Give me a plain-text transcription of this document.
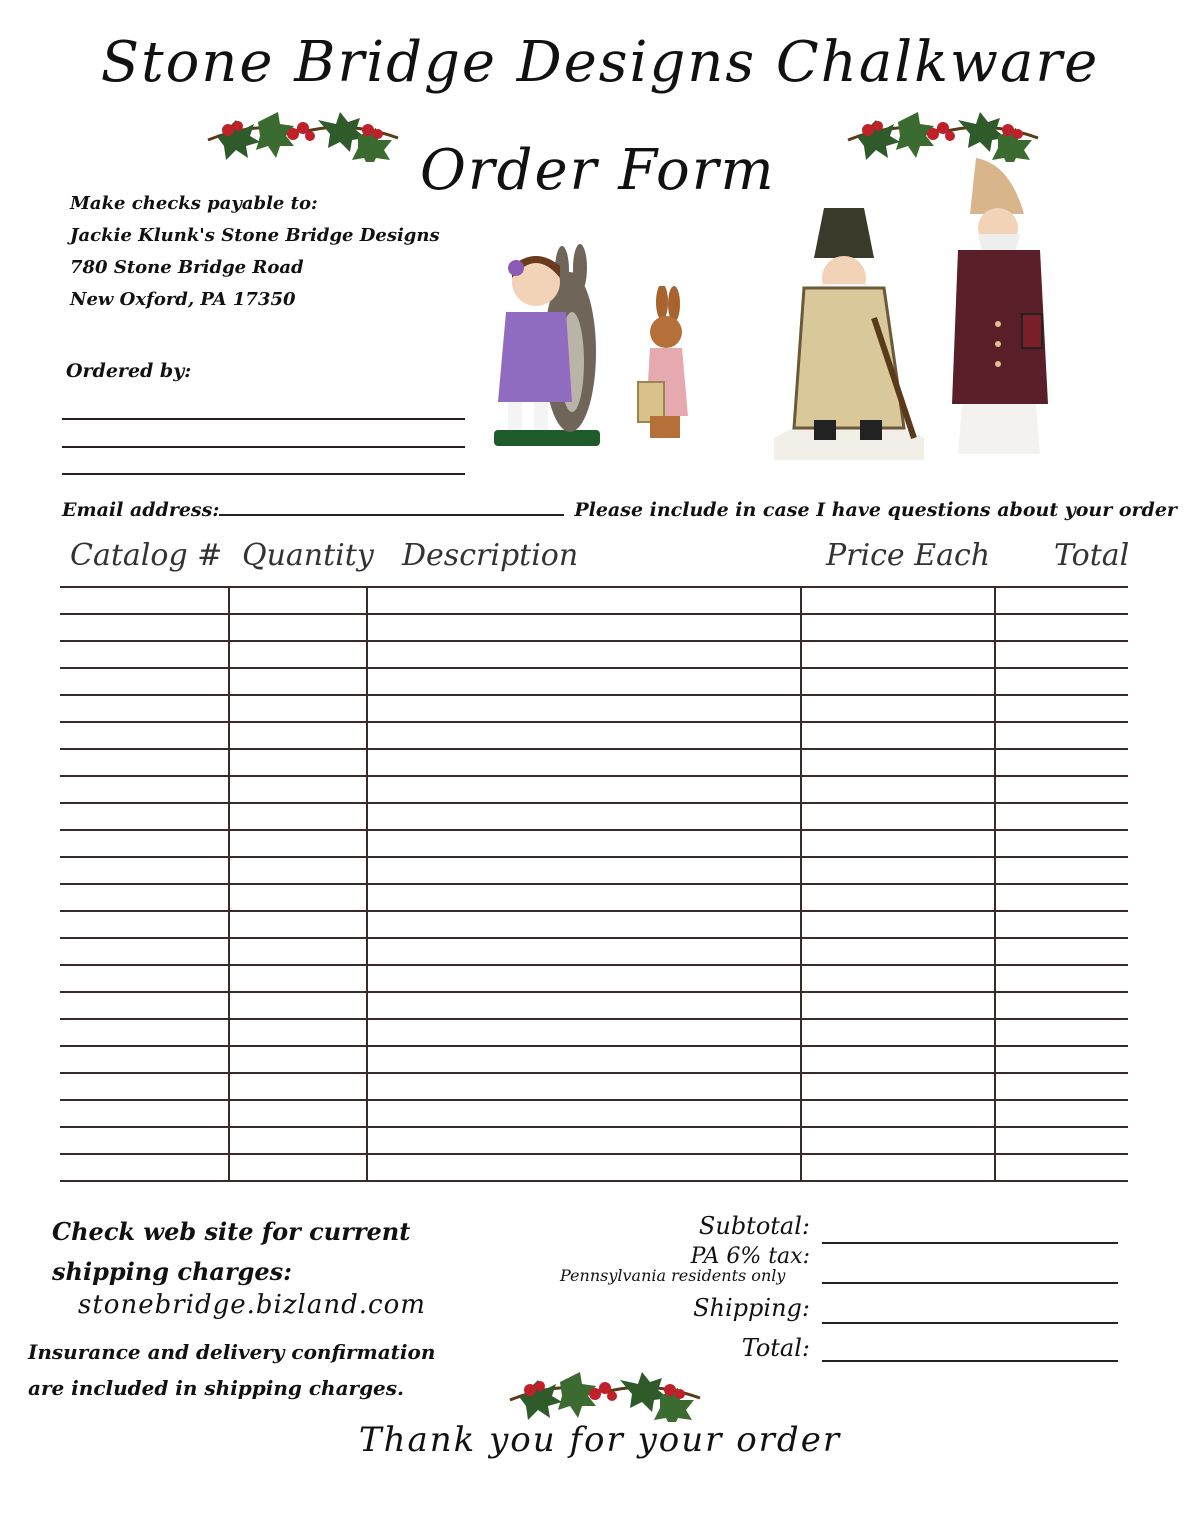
Stone Bridge Designs Chalkware
Order Form
Make checks payable to:
Jackie Klunk's Stone Bridge Designs
780 Stone Bridge Road
New Oxford, PA 17350
Ordered by:
Email address:	Please include in case I have questions about your order
Catalog # Quantity Description	Price Each Total
Check web site for current
shipping charges:
stonebridge.bizland.com
Insurance and delivery confirmation
are included in shipping charges.
Subtotal:
PA 6% tax:
Pennsylvania residents only
Shipping:
Total:
Thank you for your order
